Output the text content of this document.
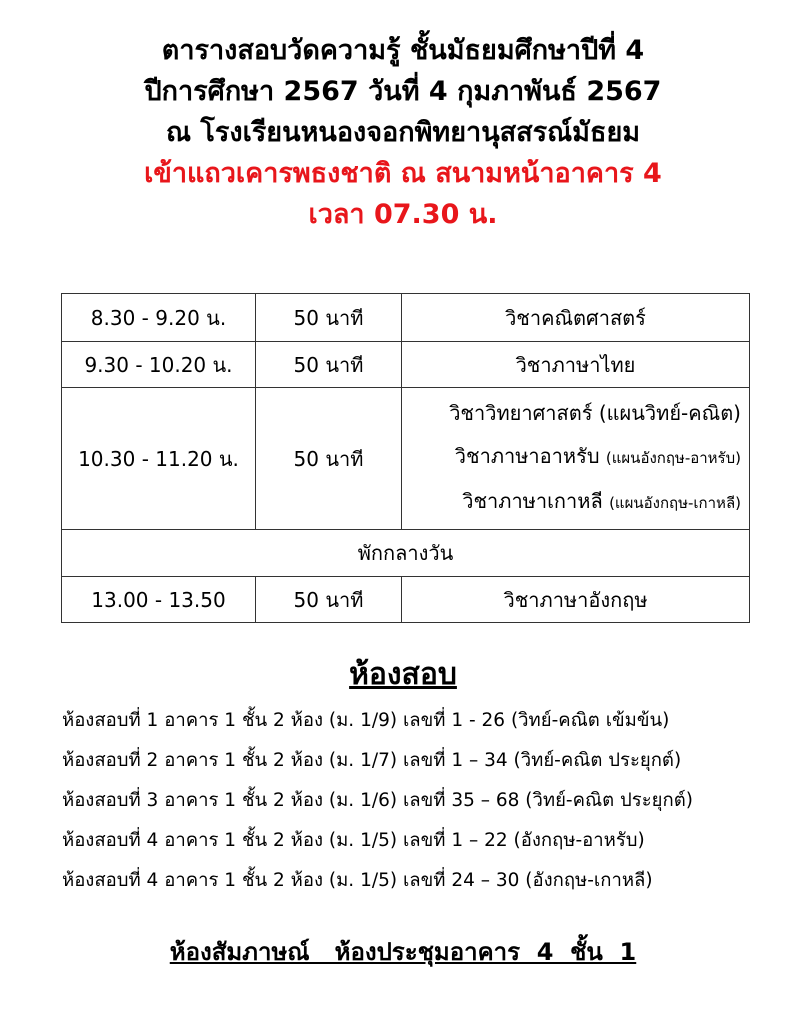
ตารางสอบวัดความรู้ ชั้นมัธยมศึกษาปีที่ 4
ปีการศึกษา 2567 วันที่ 4 กุมภาพันธ์ 2567
ณ โรงเรียนหนองจอกพิทยานุสสรณ์มัธยม
เข้าแถวเคารพธงชาติ ณ สนามหน้าอาคาร 4
เวลา 07.30 น.
8.30 - 9.20 น.	50 นาที	วิชาคณิตศาสตร์
9.30 - 10.20 น.	50 นาที	วิชาภาษาไทย
10.30 - 11.20 น.	50 นาที	วิชาวิทยาศาสตร์ (แผนวิทย์-คณิต)
วิชาภาษาอาหรับ (แผนอังกฤษ-อาหรับ)
วิชาภาษาเกาหลี (แผนอังกฤษ-เกาหลี)

พักกลางวัน		
13.00 - 13.50	50 นาที	วิชาภาษาอังกฤษ
ห้องสอบ
ห้องสอบที่ 1 อาคาร 1 ชั้น 2 ห้อง (ม. 1/9) เลขที่ 1 - 26 (วิทย์-คณิต เข้มข้น)
ห้องสอบที่ 2 อาคาร 1 ชั้น 2 ห้อง (ม. 1/7) เลขที่ 1 – 34 (วิทย์-คณิต ประยุกต์)
ห้องสอบที่ 3 อาคาร 1 ชั้น 2 ห้อง (ม. 1/6) เลขที่ 35 – 68 (วิทย์-คณิต ประยุกต์)
ห้องสอบที่ 4 อาคาร 1 ชั้น 2 ห้อง (ม. 1/5) เลขที่ 1 – 22 (อังกฤษ-อาหรับ)
ห้องสอบที่ 4 อาคาร 1 ชั้น 2 ห้อง (ม. 1/5) เลขที่ 24 – 30 (อังกฤษ-เกาหลี)
ห้องสัมภาษณ์   ห้องประชุมอาคาร  4  ชั้น  1
